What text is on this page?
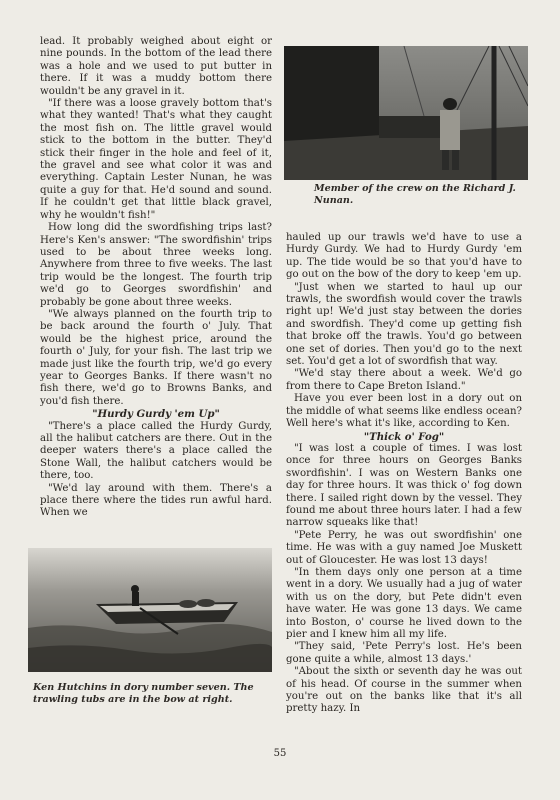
lead. It probably weighed about eight or nine pounds. In the bottom of the lead there was a hole and we used to put butter in there. If it was a muddy bottom there wouldn't be any gravel in it.

"If there was a loose gravely bottom that's what they wanted! That's what they caught the most fish on. The little gravel would stick to the bottom in the butter. They'd stick their finger in the hole and feel of it, the gravel and see what color it was and everything. Captain Lester Nunan, he was quite a guy for that. He'd sound and sound. If he couldn't get that little black gravel, why he wouldn't fish!"

How long did the swordfishing trips last? Here's Ken's answer: "The swordfishin' trips used to be about three weeks long. Anywhere from three to five weeks. The last trip would be the longest. The fourth trip we'd go to Georges swordfishin' and probably be gone about three weeks.

"We always planned on the fourth trip to be back around the fourth o' July. That would be the highest price, around the fourth o' July, for your fish. The last trip we made just like the fourth trip, we'd go every year to Georges Banks. If there wasn't no fish there, we'd go to Browns Banks, and you'd fish there.

"Hurdy Gurdy 'em Up"

"There's a place called the Hurdy Gurdy, all the halibut catchers are there. Out in the deeper waters there's a place called the Stone Wall, the halibut catchers would be there, too.

"We'd lay around with them. There's a place there where the tides run awful hard. When we

Member of the crew on the Richard J. Nunan.

hauled up our trawls we'd have to use a Hurdy Gurdy. We had to Hurdy Gurdy 'em up. The tide would be so that you'd have to go out on the bow of the dory to keep 'em up.

"Just when we started to haul up our trawls, the swordfish would cover the trawls right up! We'd just stay between the dories and swordfish. They'd come up getting fish that broke off the trawls. You'd go between one set of dories. Then you'd go to the next set. You'd get a lot of swordfish that way.

"We'd stay there about a week. We'd go from there to Cape Breton Island."

Have you ever been lost in a dory out on the middle of what seems like endless ocean? Well here's what it's like, according to Ken.

"Thick o' Fog"

"I was lost a couple of times. I was lost once for three hours on Georges Banks swordfishin'. I was on Western Banks one day for three hours. It was thick o' fog down there. I sailed right down by the vessel. They found me about three hours later. I had a few narrow squeaks like that!

"Pete Perry, he was out swordfishin' one time. He was with a guy named Joe Muskett out of Gloucester. He was lost 13 days!

"In them days only one person at a time went in a dory. We usually had a jug of water with us on the dory, but Pete didn't even have water. He was gone 13 days. We came into Boston, o' course he lived down to the pier and I knew him all my life.

"They said, 'Pete Perry's lost. He's been gone quite a while, almost 13 days.'

"About the sixth or seventh day he was out of his head. Of course in the summer when you're out on the banks like that it's all pretty hazy. In

Ken Hutchins in dory number seven. The trawling tubs are in the bow at right.
55
